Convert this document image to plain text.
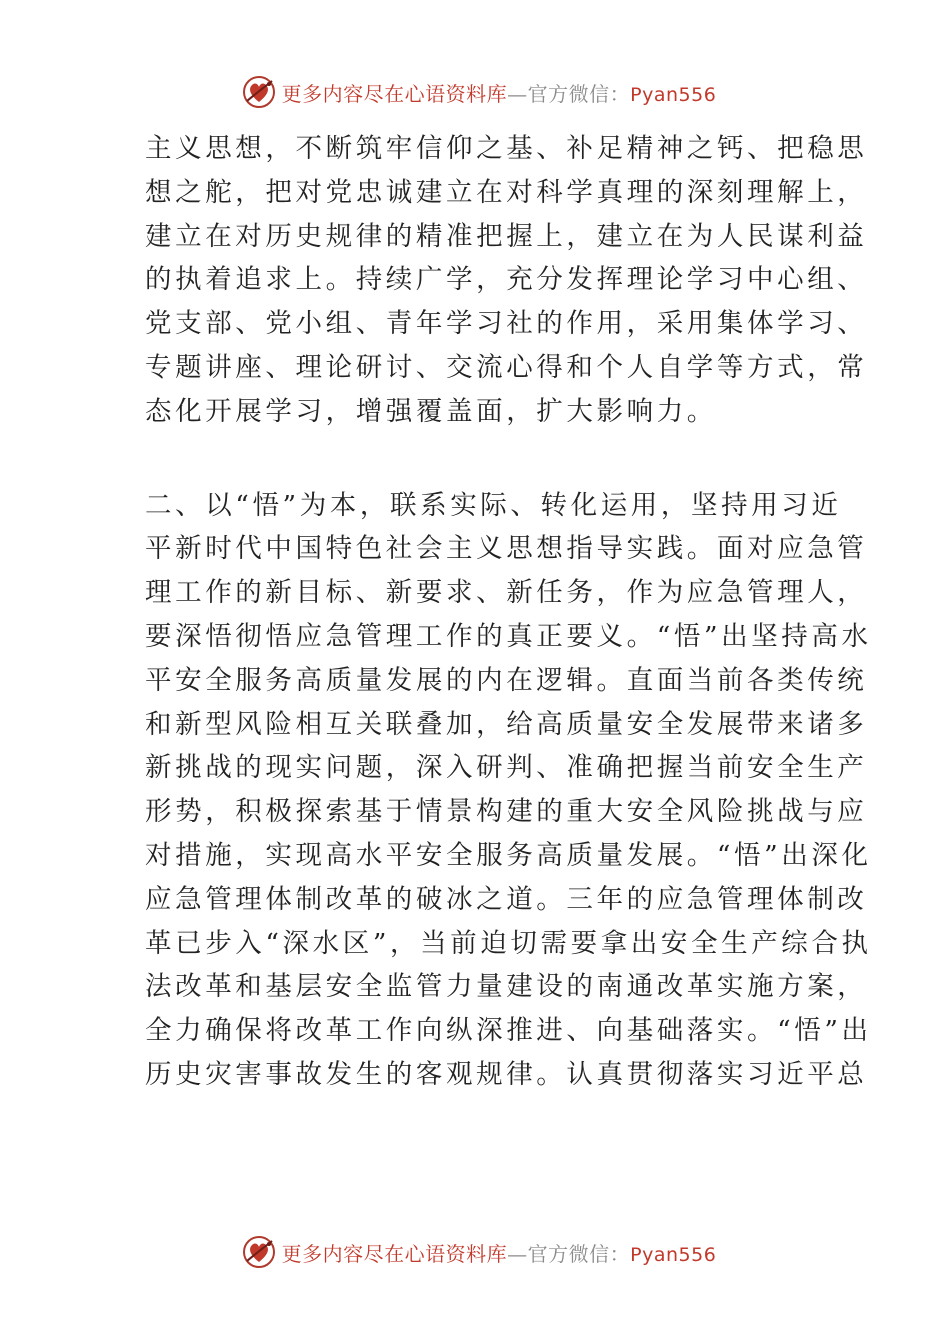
更多内容尽在心语资料库—官方微信：Pyan556

主义思想，不断筑牢信仰之基、补足精神之钙、把稳思
想之舵，把对党忠诚建立在对科学真理的深刻理解上，
建立在对历史规律的精准把握上，建立在为人民谋利益
的执着追求上。持续广学，充分发挥理论学习中心组、
党支部、党小组、青年学习社的作用，采用集体学习、
专题讲座、理论研讨、交流心得和个人自学等方式，常
态化开展学习，增强覆盖面，扩大影响力。

二、以“悟”为本，联系实际、转化运用，坚持用习近
平新时代中国特色社会主义思想指导实践。面对应急管
理工作的新目标、新要求、新任务，作为应急管理人，
要深悟彻悟应急管理工作的真正要义。“悟”出坚持高水
平安全服务高质量发展的内在逻辑。直面当前各类传统
和新型风险相互关联叠加，给高质量安全发展带来诸多
新挑战的现实问题，深入研判、准确把握当前安全生产
形势，积极探索基于情景构建的重大安全风险挑战与应
对措施，实现高水平安全服务高质量发展。“悟”出深化
应急管理体制改革的破冰之道。三年的应急管理体制改
革已步入“深水区”，当前迫切需要拿出安全生产综合执
法改革和基层安全监管力量建设的南通改革实施方案，
全力确保将改革工作向纵深推进、向基础落实。“悟”出
历史灾害事故发生的客观规律。认真贯彻落实习近平总

更多内容尽在心语资料库—官方微信：Pyan556
